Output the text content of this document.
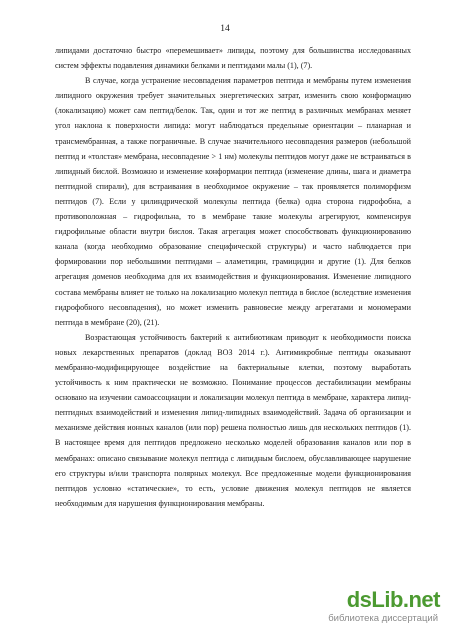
14

липидами достаточно быстро «перемешивает» липиды, поэтому для большинства исследованных систем эффекты подавления динамики белками и пептидами малы (1), (7).

В случае, когда устранение несовпадения параметров пептида и мембраны путем изменения липидного окружения требует значительных энергетических затрат, изменить свою конформацию (локализацию) может сам пептид/белок. Так, один и тот же пептид в различных мембранах меняет угол наклона к поверхности липида: могут наблюдаться предельные ориентации – планарная и трансмембранная, а также пограничные. В случае значительного несовпадения размеров (небольшой пептид и «толстая» мембрана, несовпадение > 1 нм) молекулы пептидов могут даже не встраиваться в липидный бислой. Возможно и изменение конформации пептида (изменение длины, шага и диаметра пептидной спирали), для встраивания в необходимое окружение – так проявляется полиморфизм пептидов (7). Если у цилиндрической молекулы пептида (белка) одна сторона гидрофобна, а противоположная – гидрофильна, то в мембране такие молекулы агрегируют, компенсируя гидрофильные области внутри бислоя. Такая агрегация может способствовать функционированию канала (когда необходимо образование специфической структуры) и часто наблюдается при формировании пор небольшими пептидами – аламетицин, грамицидин и другие (1). Для белков агрегация доменов необходима для их взаимодействия и функционирования. Изменение липидного состава мембраны влияет не только на локализацию молекул пептида в бислое (вследствие изменения гидрофобного несовпадения), но может изменить равновесие между агрегатами и мономерами пептида в мембране (20), (21).

Возрастающая устойчивость бактерий к антибиотикам приводит к необходимости поиска новых лекарственных препаратов (доклад ВОЗ 2014 г.). Антимикробные пептиды оказывают мембранно-модифицирующее воздействие на бактериальные клетки, поэтому выработать устойчивость к ним практически не возможно. Понимание процессов дестабилизации мембраны основано на изучении самоассоциации и локализации молекул пептида в мембране, характера липид-пептидных взаимодействий и изменения липид-липидных взаимодействий. Задача об организации и механизме действия ионных каналов (или пор) решена полностью лишь для нескольких пептидов (1). В настоящее время для пептидов предложено несколько моделей образования каналов или пор в мембранах: описано связывание молекул пептида с липидным бислоем, обуславливающее нарушение его структуры и/или транспорта полярных молекул. Все предложенные модели функционирования пептидов условно «статические», то есть, условие движения молекул пептидов не является необходимым для нарушения функционирования мембраны.

dsLib.net
библиотека диссертаций
